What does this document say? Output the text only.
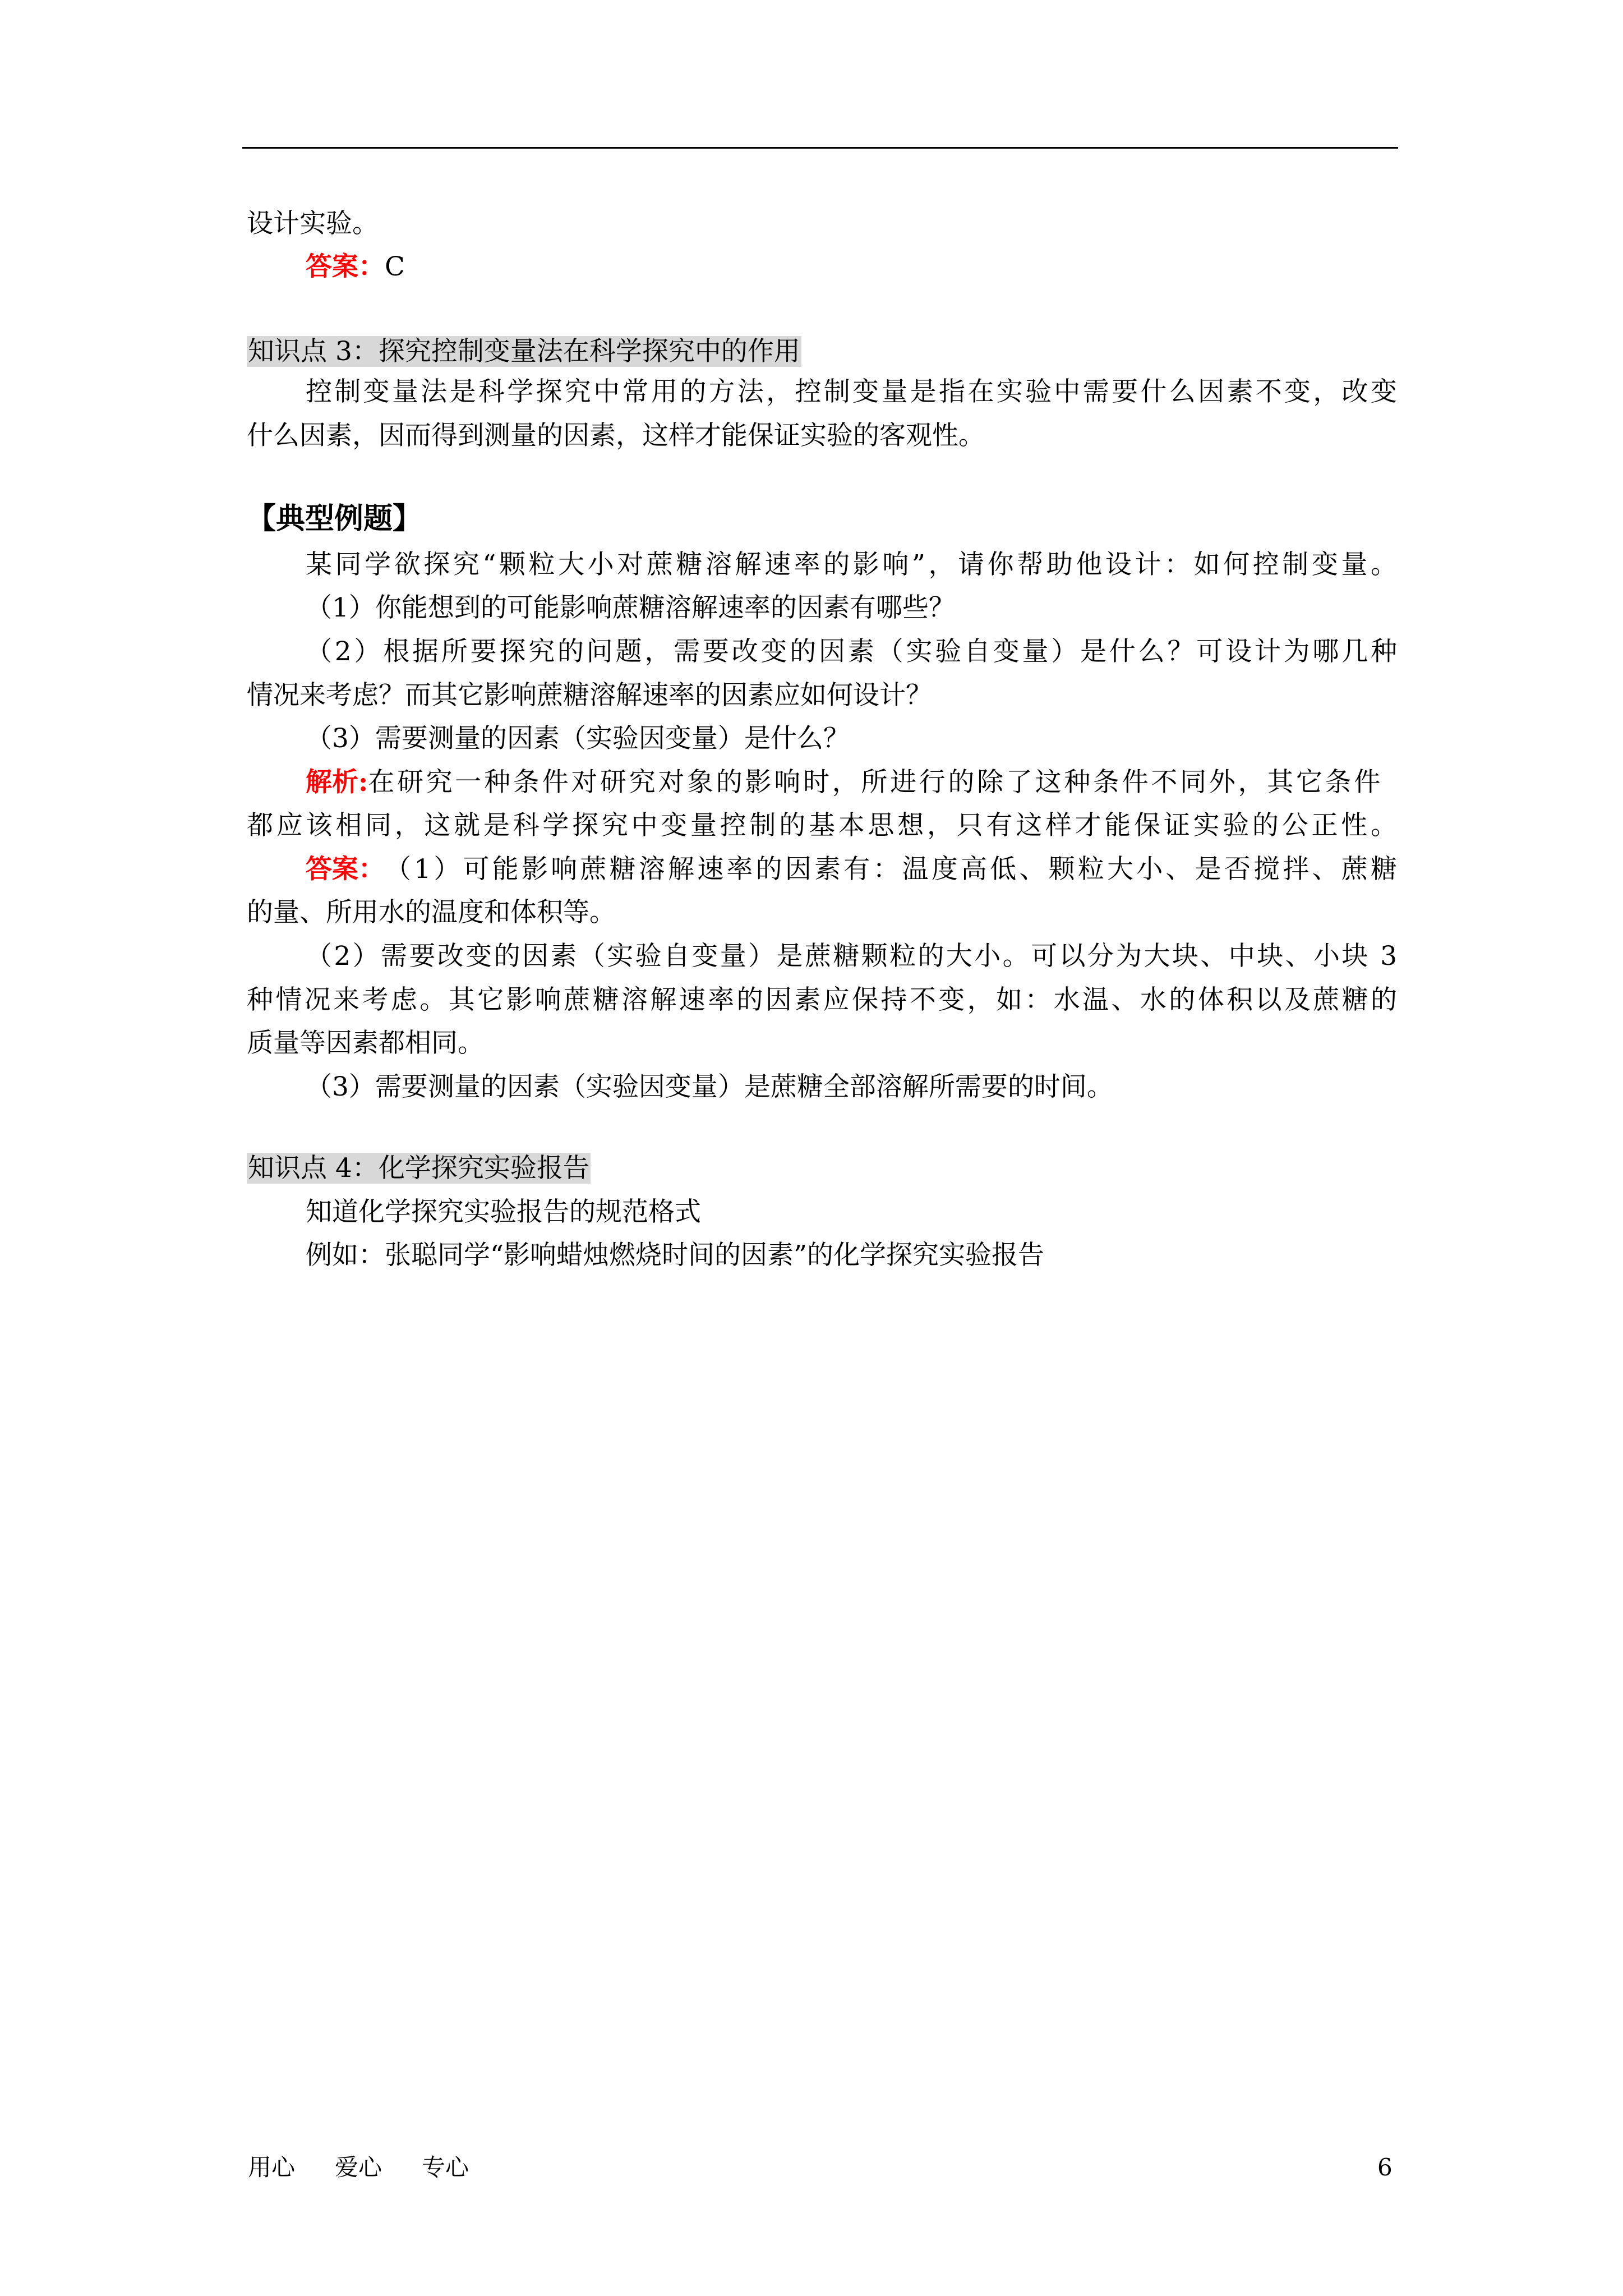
设计实验。
答案：C
知识点 3：探究控制变量法在科学探究中的作用
控制变量法是科学探究中常用的方法，控制变量是指在实验中需要什么因素不变，改变
什么因素，因而得到测量的因素，这样才能保证实验的客观性。
【典型例题】
某同学欲探究“颗粒大小对蔗糖溶解速率的影响”，请你帮助他设计：如何控制变量。
（1）你能想到的可能影响蔗糖溶解速率的因素有哪些？
（2）根据所要探究的问题，需要改变的因素（实验自变量）是什么？可设计为哪几种
情况来考虑？而其它影响蔗糖溶解速率的因素应如何设计？
（3）需要测量的因素（实验因变量）是什么？
解析:在研究一种条件对研究对象的影响时，所进行的除了这种条件不同外，其它条件
都应该相同，这就是科学探究中变量控制的基本思想，只有这样才能保证实验的公正性。
答案：（1）可能影响蔗糖溶解速率的因素有：温度高低、颗粒大小、是否搅拌、蔗糖
的量、所用水的温度和体积等。
（2）需要改变的因素（实验自变量）是蔗糖颗粒的大小。可以分为大块、中块、小块 3
种情况来考虑。其它影响蔗糖溶解速率的因素应保持不变，如：水温、水的体积以及蔗糖的
质量等因素都相同。
（3）需要测量的因素（实验因变量）是蔗糖全部溶解所需要的时间。
知识点 4：化学探究实验报告
知道化学探究实验报告的规范格式
例如：张聪同学“影响蜡烛燃烧时间的因素”的化学探究实验报告
用心 爱心 专心	6
